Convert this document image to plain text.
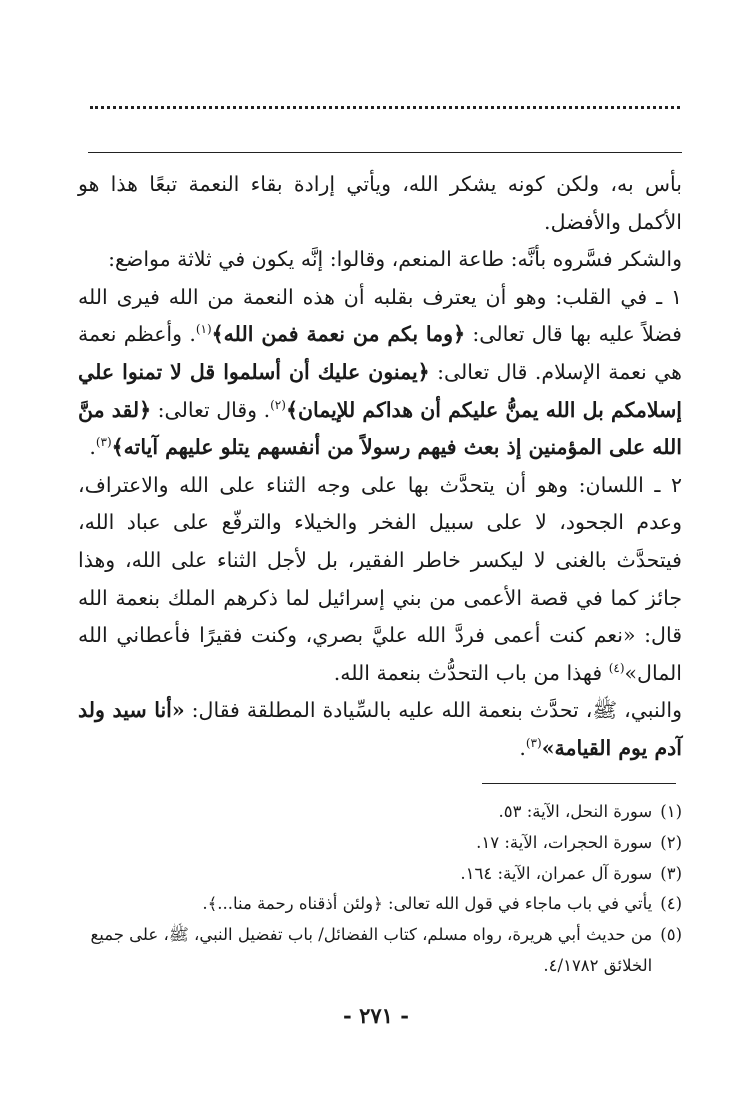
بأس به، ولكن كونه يشكر الله، ويأتي إرادة بقاء النعمة تبعًا هذا هو الأكمل والأفضل.

والشكر فسَّروه بأنَّه: طاعة المنعم، وقالوا: إنَّه يكون في ثلاثة مواضع:

١ ـ في القلب: وهو أن يعترف بقلبه أن هذه النعمة من الله فيرى الله فضلاً عليه بها قال تعالى: ﴿وما بكم من نعمة فمن الله﴾$^{(١)}$. وأعظم نعمة هي نعمة الإسلام. قال تعالى: ﴿يمنون عليك أن أسلموا قل لا تمنوا علي إسلامكم بل الله يمنُّ عليكم أن هداكم للإيمان﴾$^{(٢)}$. وقال تعالى: ﴿لقد منَّ الله على المؤمنين إذ بعث فيهم رسولاً من أنفسهم يتلو عليهم آياته﴾$^{(٣)}$.

٢ ـ اللسان: وهو أن يتحدَّث بها على وجه الثناء على الله والاعتراف، وعدم الجحود، لا على سبيل الفخر والخيلاء والترفّع على عباد الله، فيتحدَّث بالغنى لا ليكسر خاطر الفقير، بل لأجل الثناء على الله، وهذا جائز كما في قصة الأعمى من بني إسرائيل لما ذكرهم الملك بنعمة الله قال: «نعم كنت أعمى فردَّ الله عليَّ بصري، وكنت فقيرًا فأعطاني الله المال»$^{(٤)}$ فهذا من باب التحدُّث بنعمة الله.

والنبي، ﷺ، تحدَّث بنعمة الله عليه بالسِّيادة المطلقة فقال: «أنا سيد ولد آدم يوم القيامة»$^{(٣)}$.

(١)
سورة النحل، الآية: ٥٣.
(٢)
سورة الحجرات، الآية: ١٧.
(٣)
سورة آل عمران، الآية: ١٦٤.
(٤)
يأتي في باب ماجاء في قول الله تعالى: ﴿ولئن أذقناه رحمة منا...﴾.
(٥)
من حديث أبي هريرة، رواه مسلم، كتاب الفضائل/ باب تفضيل النبي، ﷺ، على جميع الخلائق ٤/١٧٨٢.
- ٢٧١ -
